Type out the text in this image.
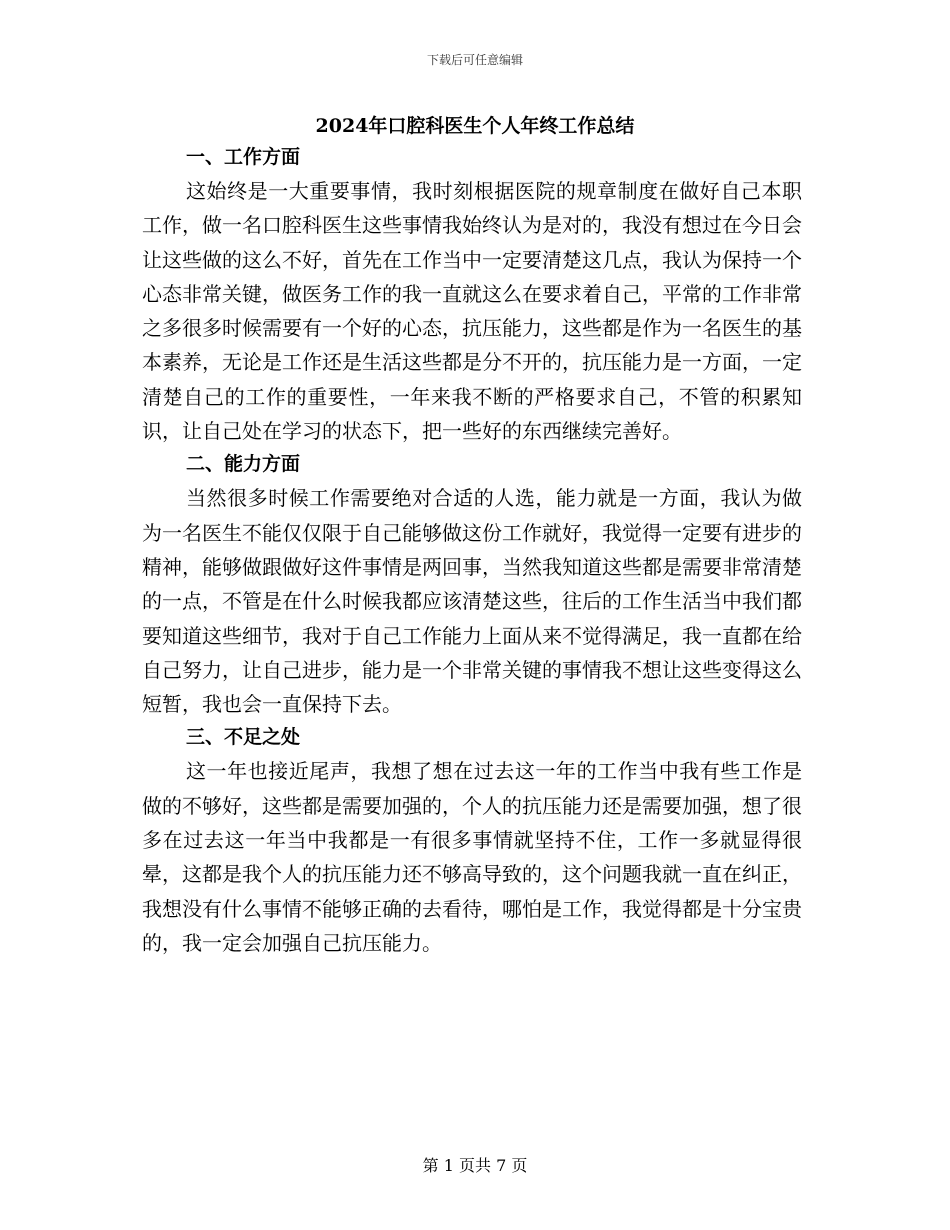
下载后可任意编辑
2024年口腔科医生个人年终工作总结
一、工作方面

这始终是一大重要事情，我时刻根据医院的规章制度在做好自己本职工作，做一名口腔科医生这些事情我始终认为是对的，我没有想过在今日会让这些做的这么不好，首先在工作当中一定要清楚这几点，我认为保持一个心态非常关键，做医务工作的我一直就这么在要求着自己，平常的工作非常之多很多时候需要有一个好的心态，抗压能力，这些都是作为一名医生的基本素养，无论是工作还是生活这些都是分不开的，抗压能力是一方面，一定清楚自己的工作的重要性，一年来我不断的严格要求自己，不管的积累知识，让自己处在学习的状态下，把一些好的东西继续完善好。

二、能力方面

当然很多时候工作需要绝对合适的人选，能力就是一方面，我认为做为一名医生不能仅仅限于自己能够做这份工作就好，我觉得一定要有进步的精神，能够做跟做好这件事情是两回事，当然我知道这些都是需要非常清楚的一点，不管是在什么时候我都应该清楚这些，往后的工作生活当中我们都要知道这些细节，我对于自己工作能力上面从来不觉得满足，我一直都在给自己努力，让自己进步，能力是一个非常关键的事情我不想让这些变得这么短暂，我也会一直保持下去。

三、不足之处

这一年也接近尾声，我想了想在过去这一年的工作当中我有些工作是做的不够好，这些都是需要加强的，个人的抗压能力还是需要加强，想了很多在过去这一年当中我都是一有很多事情就坚持不住，工作一多就显得很晕，这都是我个人的抗压能力还不够高导致的，这个问题我就一直在纠正，我想没有什么事情不能够正确的去看待，哪怕是工作，我觉得都是十分宝贵的，我一定会加强自己抗压能力。

第 1 页共 7 页
